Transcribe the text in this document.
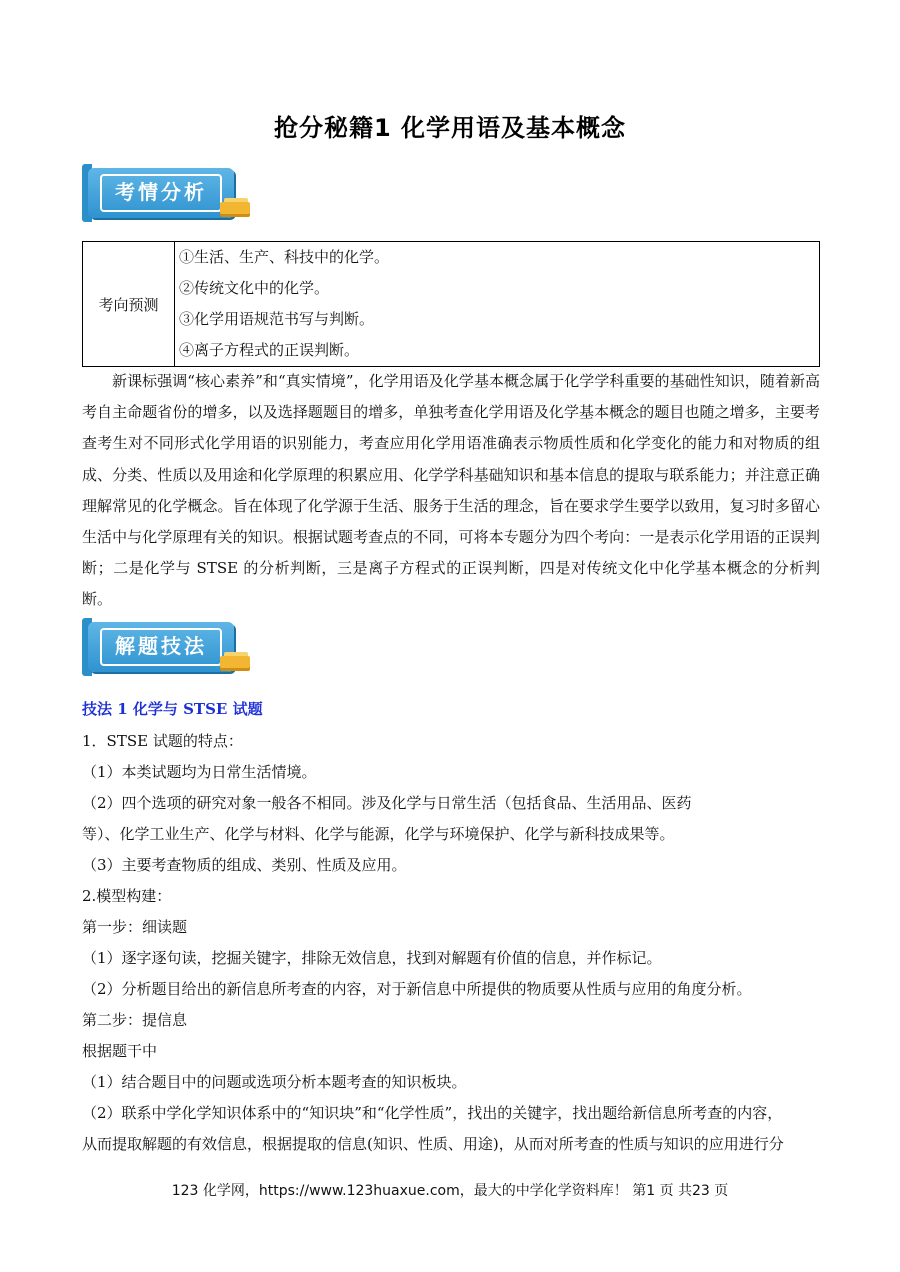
抢分秘籍1 化学用语及基本概念
考情分析
考向预测	
①生活、生产、科技中的化学。
②传统文化中的化学。
③化学用语规范书写与判断。
④离子方程式的正误判断。

新课标强调“核心素养”和“真实情境”，化学用语及化学基本概念属于化学学科重要的基础性知识，随着新高考自主命题省份的增多，以及选择题题目的增多，单独考查化学用语及化学基本概念的题目也随之增多，主要考查考生对不同形式化学用语的识别能力，考查应用化学用语准确表示物质性质和化学变化的能力和对物质的组成、分类、性质以及用途和化学原理的积累应用、化学学科基础知识和基本信息的提取与联系能力；并注意正确理解常见的化学概念。旨在体现了化学源于生活、服务于生活的理念，旨在要求学生要学以致用，复习时多留心生活中与化学原理有关的知识。根据试题考查点的不同，可将本专题分为四个考向：一是表示化学用语的正误判断；二是化学与 STSE 的分析判断，三是离子方程式的正误判断，四是对传统文化中化学基本概念的分析判断。

解题技法

技法 1 化学与 STSE 试题

1．STSE 试题的特点：

（1）本类试题均为日常生活情境。

（2）四个选项的研究对象一般各不相同。涉及化学与日常生活（包括食品、生活用品、医药

等）、化学工业生产、化学与材料、化学与能源，化学与环境保护、化学与新科技成果等。

（3）主要考查物质的组成、类别、性质及应用。

2.模型构建：

第一步：细读题

（1）逐字逐句读，挖掘关键字，排除无效信息，找到对解题有价值的信息，并作标记。

（2）分析题目给出的新信息所考查的内容，对于新信息中所提供的物质要从性质与应用的角度分析。

第二步：提信息

根据题干中

（1）结合题目中的问题或选项分析本题考查的知识板块。

（2）联系中学化学知识体系中的“知识块”和“化学性质”，找出的关键字，找出题给新信息所考查的内容，

从而提取解题的有效信息，根据提取的信息(知识、性质、用途)，从而对所考查的性质与知识的应用进行分

123 化学网，https://www.123huaxue.com，最大的中学化学资料库！ 第1 页 共23 页
